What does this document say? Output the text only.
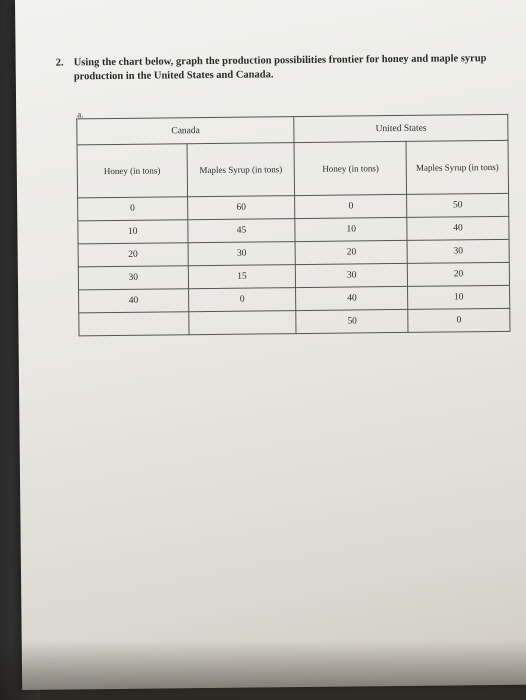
2. Using the chart below, graph the production possibilities frontier for honey and maple syrup production in the United States and Canada.
a.
Canada		United States	
Honey (in tons)	Maples Syrup (in tons)	Honey (in tons)	Maples Syrup (in tons)
0	60	0	50
10	45	10	40
20	30	20	30
30	15	30	20
40	0	40	10
		50	0
